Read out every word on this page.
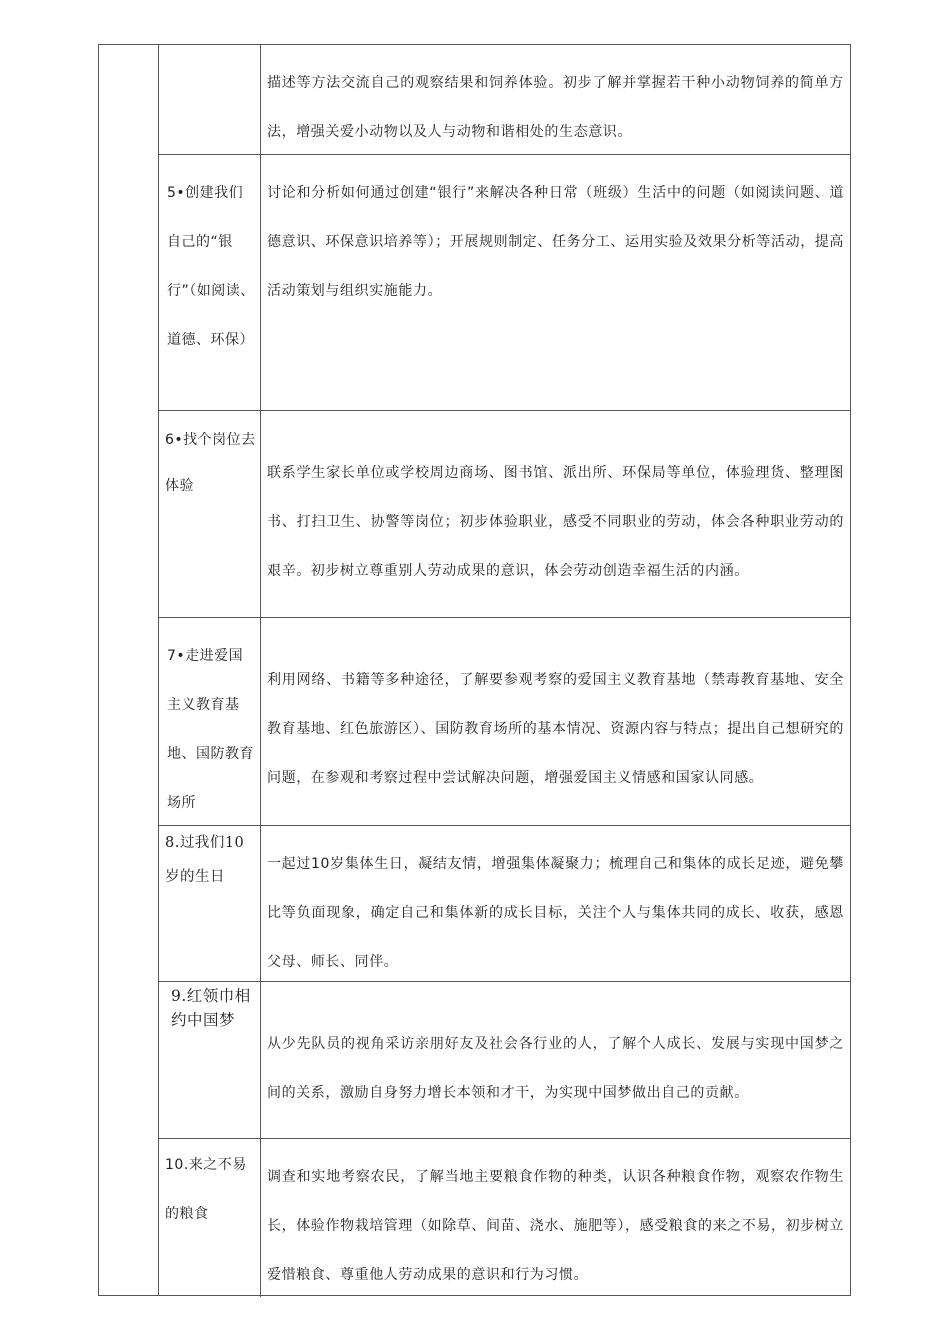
描述等方法交流自己的观察结果和饲养体验。初步了解并掌握若干种小动物饲养的简单方法，增强关爱小动物以及人与动物和谐相处的生态意识。
5•创建我们自己的“银行”（如阅读、道德、环保）
讨论和分析如何通过创建“银行”来解决各种日常（班级）生活中的问题（如阅读问题、道德意识、环保意识培养等）；开展规则制定、任务分工、运用实验及效果分析等活动，提高活动策划与组织实施能力。
6•找个岗位去体验
联系学生家长单位或学校周边商场、图书馆、派出所、环保局等单位，体验理货、整理图书、打扫卫生、协警等岗位；初步体验职业，感受不同职业的劳动，体会各种职业劳动的艰辛。初步树立尊重别人劳动成果的意识，体会劳动创造幸福生活的内涵。
7•走进爱国主义教育基地、国防教育场所
利用网络、书籍等多种途径，了解要参观考察的爱国主义教育基地（禁毒教育基地、安全教育基地、红色旅游区）、国防教育场所的基本情况、资源内容与特点；提出自己想研究的问题，在参观和考察过程中尝试解决问题，增强爱国主义情感和国家认同感。
8.过我们10岁的生日
一起过10岁集体生日，凝结友情，增强集体凝聚力；梳理自己和集体的成长足迹，避免攀比等负面现象，确定自己和集体新的成长目标，关注个人与集体共同的成长、收获，感恩父母、师长、同伴。
9.红领巾相约中国梦
从少先队员的视角采访亲朋好友及社会各行业的人，了解个人成长、发展与实现中国梦之间的关系，激励自身努力增长本领和才干，为实现中国梦做出自己的贡献。
10.来之不易的粮食
调查和实地考察农民，了解当地主要粮食作物的种类，认识各种粮食作物，观察农作物生长，体验作物栽培管理（如除草、间苗、浇水、施肥等），感受粮食的来之不易，初步树立爱惜粮食、尊重他人劳动成果的意识和行为习惯。
